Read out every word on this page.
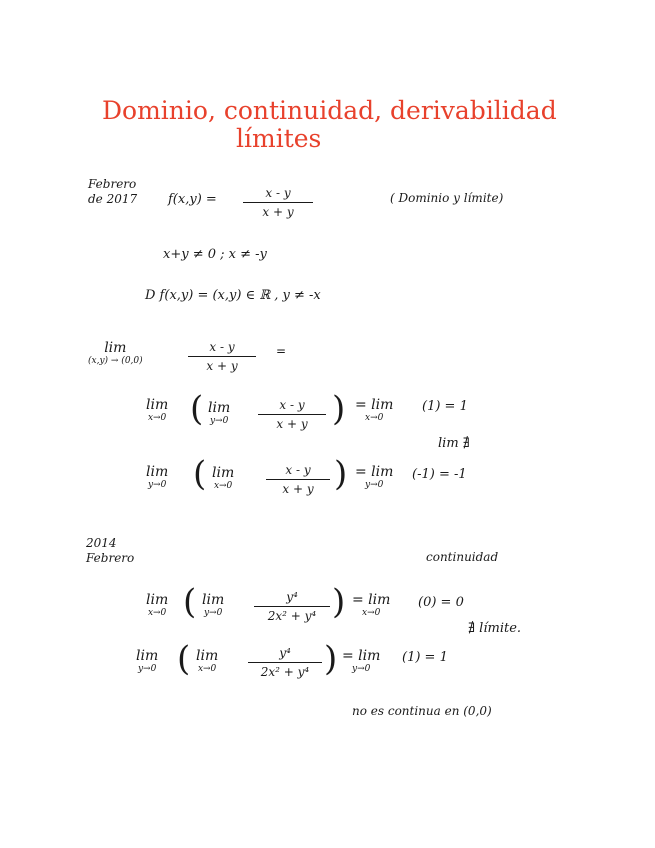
Dominio, continuidad, derivabilidad
límites
Febrero
de 2017 f(x,y) =	x - y
x + y
( Dominio y límite)
x+y ≠ 0 ; x ≠ -y
D f(x,y) = (x,y) ∈ ℝ , y ≠ -x
lim
(x,y) → (0,0)
x - y
x + y
=
lim
x→0 ( lim
y→0
x - y
x + y ) = lim
x→0
(1) = 1
lim ∄
lim
y→0 ( lim
x→0
x - y
x + y ) = lim
y→0
(-1) = -1
2014
Febrero	continuidad
lim
x→0 ( lim
y→0
y⁴
2x² + y⁴ ) = lim
x→0
(0) = 0
∄ límite.
lim
y→0 ( lim
x→0
y⁴
2x² + y⁴ ) = lim
y→0
(1) = 1
no es continua en (0,0)
